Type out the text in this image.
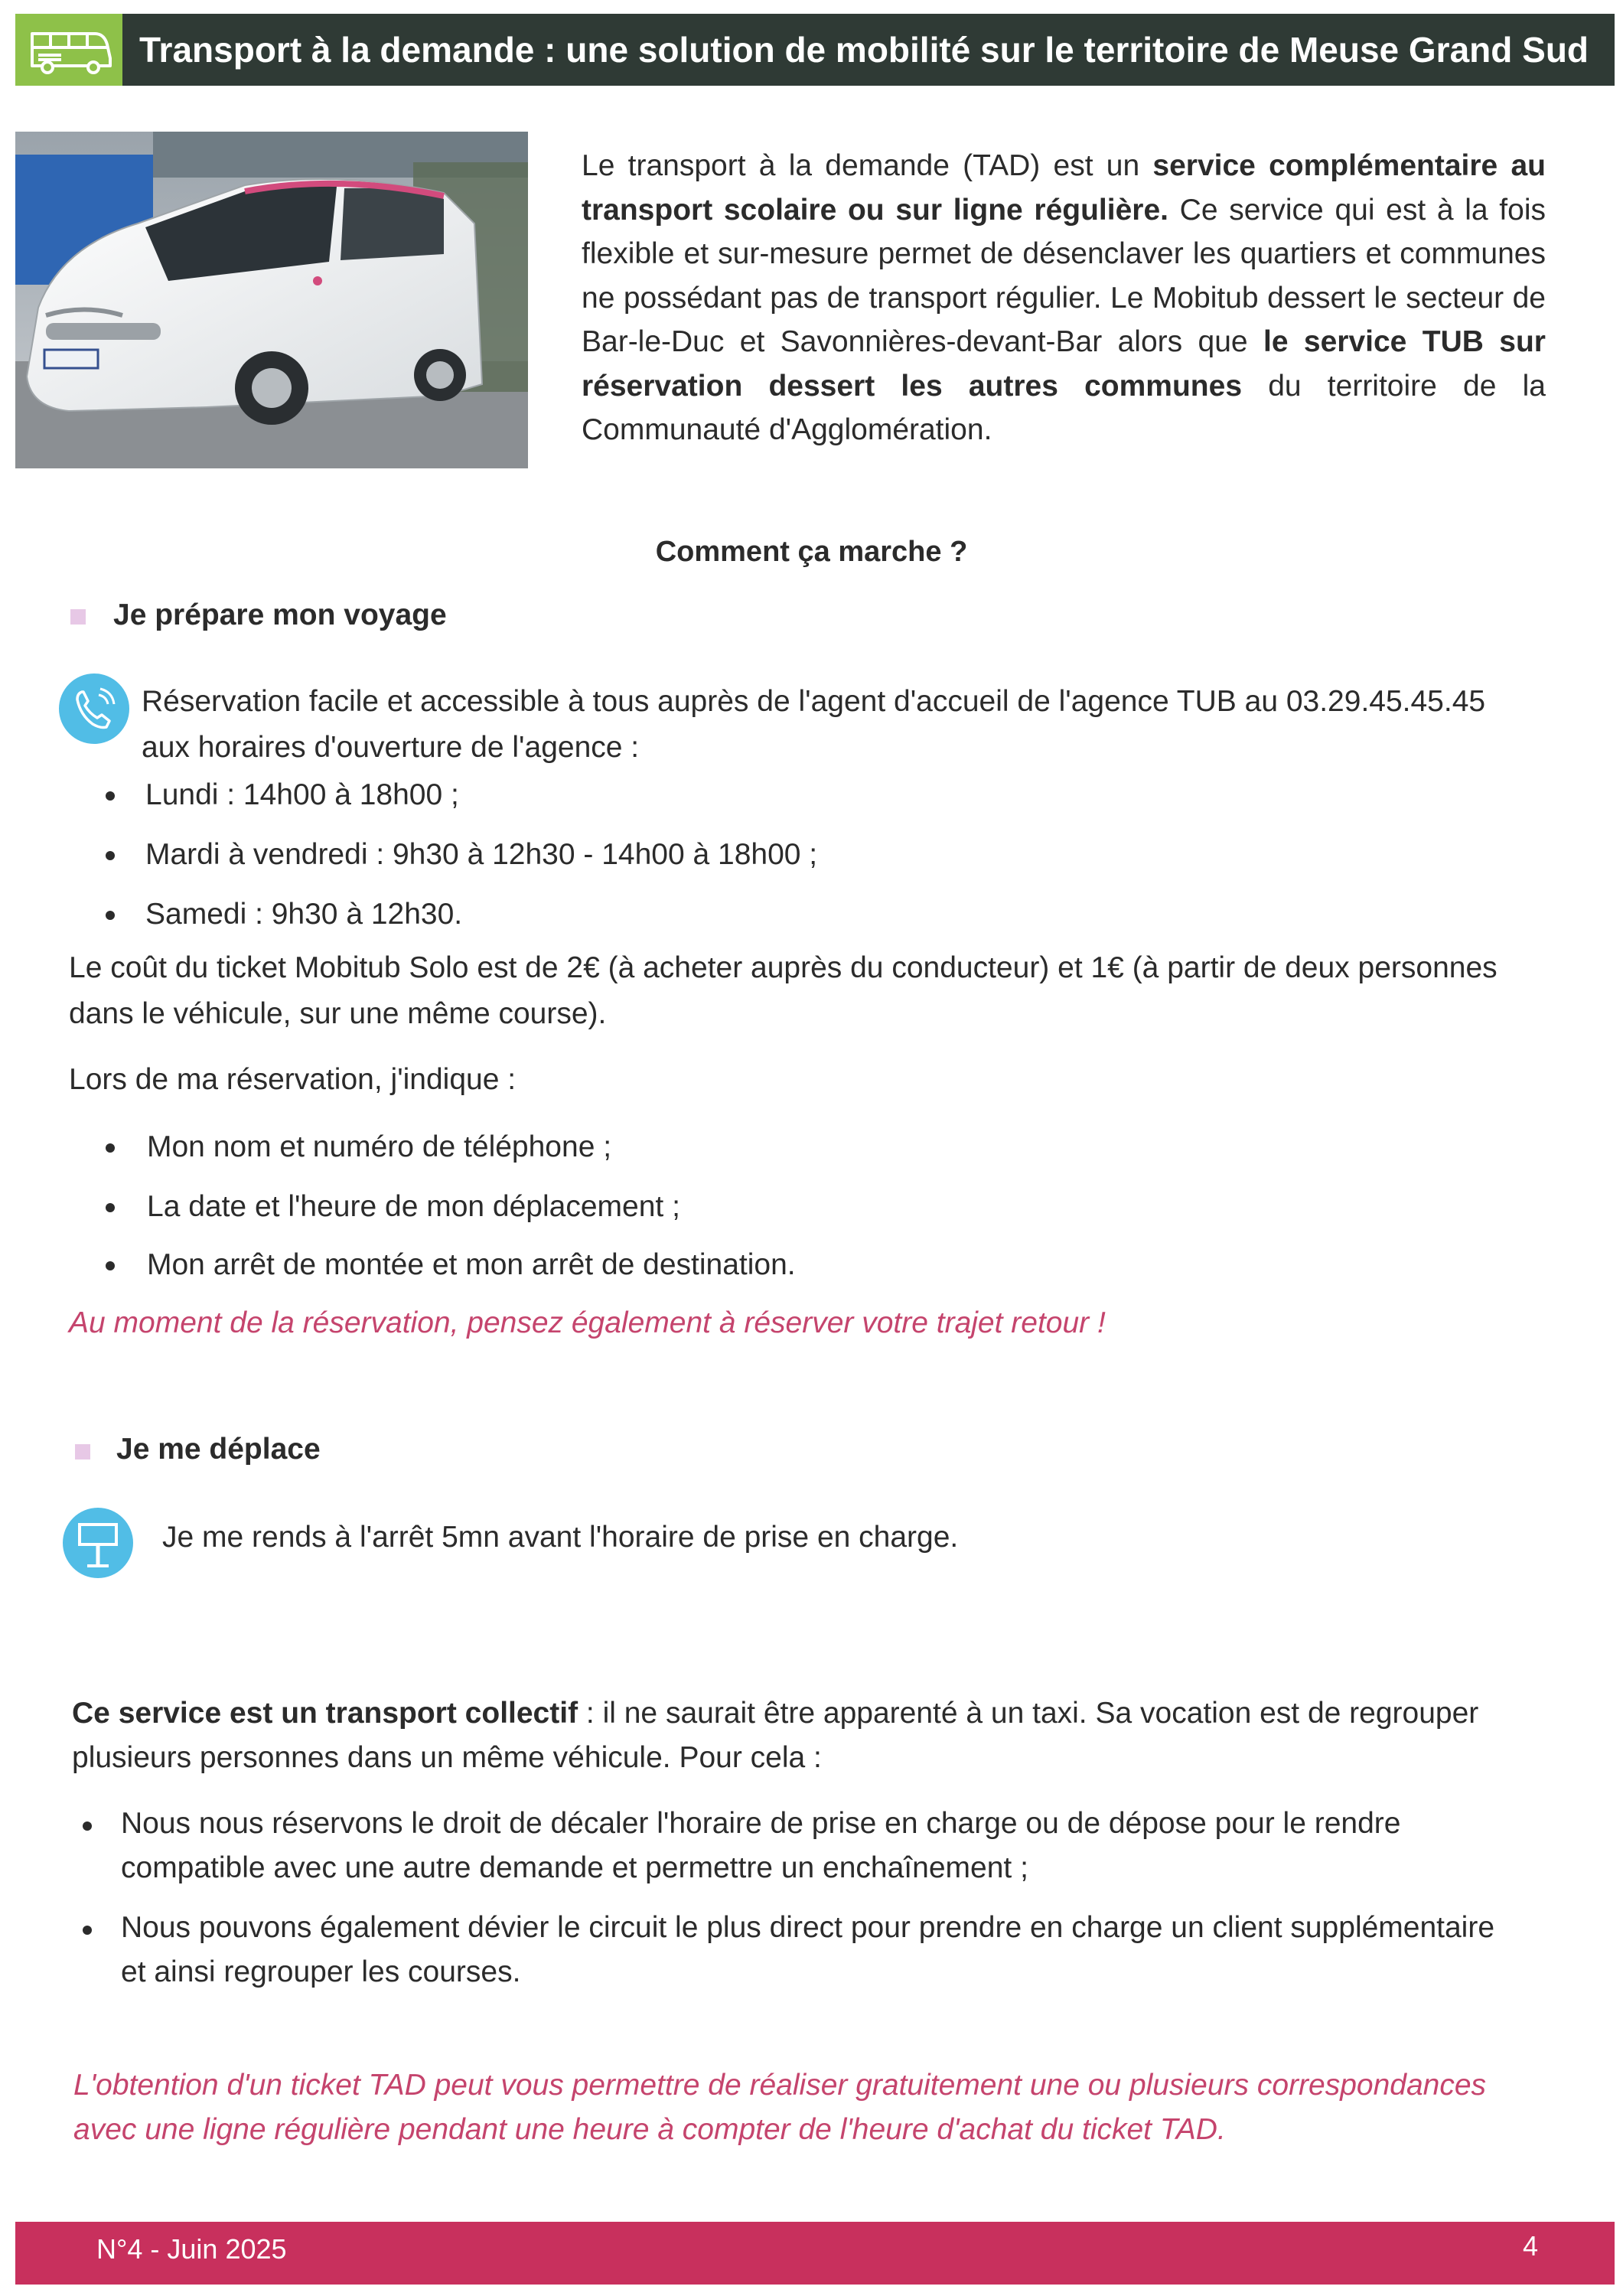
Transport à la demande : une solution de mobilité sur le territoire de Meuse Grand Sud
Le transport à la demande (TAD) est un service complémentaire au transport scolaire ou sur ligne régulière. Ce service qui est à la fois flexible et sur-mesure permet de désenclaver les quartiers et communes ne possédant pas de transport régulier. Le Mobitub dessert le secteur de Bar-le-Duc et Savonnières-devant-Bar alors que le service TUB sur réservation dessert les autres communes du territoire de la Communauté d'Agglomération.
Comment ça marche ?
Je prépare mon voyage
Réservation facile et accessible à tous auprès de l'agent d'accueil de l'agence TUB au 03.29.45.45.45
aux horaires d'ouverture de l'agence :
Lundi : 14h00 à 18h00 ;
Mardi à vendredi : 9h30 à 12h30 - 14h00 à 18h00 ;
Samedi : 9h30 à 12h30.
Le coût du ticket Mobitub Solo est de 2€ (à acheter auprès du conducteur) et 1€ (à partir de deux personnes
dans le véhicule, sur une même course).
Lors de ma réservation, j'indique :
Mon nom et numéro de téléphone ;
La date et l'heure de mon déplacement ;
Mon arrêt de montée et mon arrêt de destination.
Au moment de la réservation, pensez également à réserver votre trajet retour !
Je me déplace
Je me rends à l'arrêt 5mn avant l'horaire de prise en charge.
Ce service est un transport collectif : il ne saurait être apparenté à un taxi. Sa vocation est de regrouper
plusieurs personnes dans un même véhicule. Pour cela :
Nous nous réservons le droit de décaler l'horaire de prise en charge ou de dépose pour le rendre
compatible avec une autre demande et permettre un enchaînement ;
Nous pouvons également dévier le circuit le plus direct pour prendre en charge un client supplémentaire
et ainsi regrouper les courses.
L'obtention d'un ticket TAD peut vous permettre de réaliser gratuitement une ou plusieurs correspondances
avec une ligne régulière pendant une heure à compter de l'heure d'achat du ticket TAD.
N°4 - Juin 2025	4
